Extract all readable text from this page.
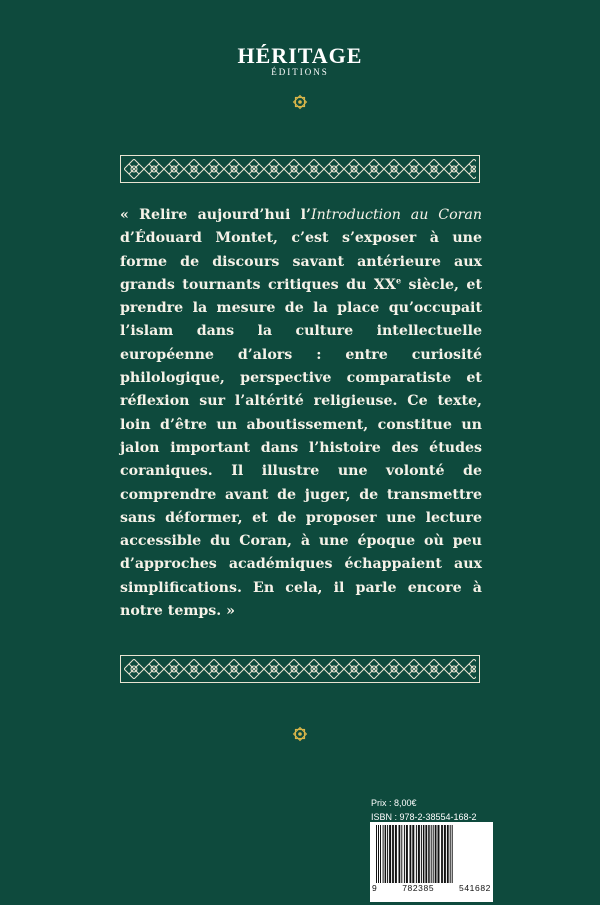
HÉRITAGE
ÉDITIONS

« Relire aujourd’hui l’Introduction au Coran d’Édouard Montet, c’est s’exposer à une forme de discours savant antérieure aux grands tournants critiques du XXe siècle, et prendre la mesure de la place qu’occupait l’islam dans la culture intellectuelle européenne d’alors : entre curiosité philologique, perspective comparatiste et réflexion sur l’altérité religieuse. Ce texte, loin d’être un aboutissement, constitue un jalon important dans l’histoire des études coraniques. Il illustre une volonté de comprendre avant de juger, de transmettre sans déformer, et de proposer une lecture accessible du Coran, à une époque où peu d’approches académiques échappaient aux simplifications. En cela, il parle encore à notre temps. »

Prix : 8,00€
ISBN : 978-2-38554-168-2
9	782385	541682
